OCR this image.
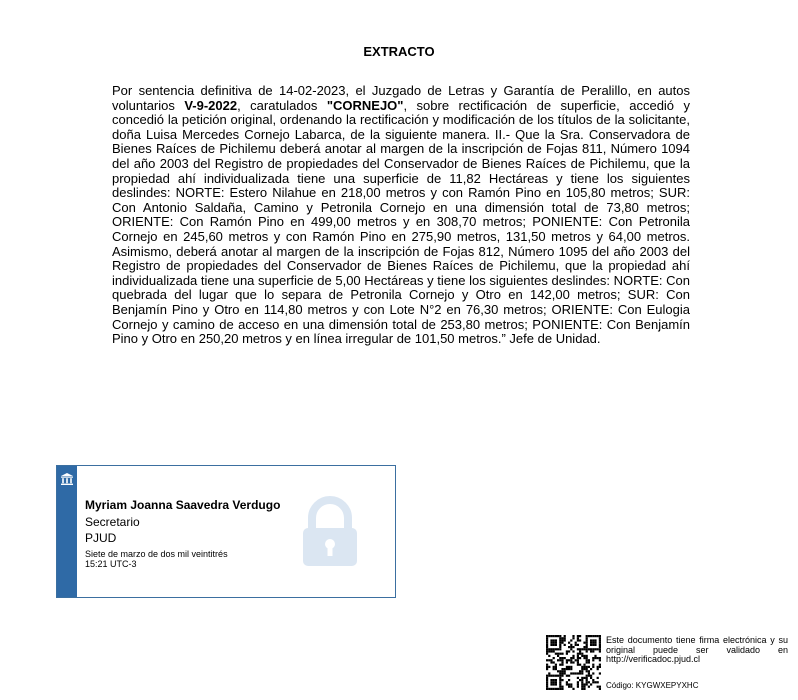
EXTRACTO
Por sentencia definitiva de 14-02-2023, el Juzgado de Letras y Garantía de Peralillo, en autos voluntarios V-9-2022, caratulados "CORNEJO", sobre rectificación de superficie, accedió y concedió la petición original, ordenando la rectificación y modificación de los títulos de la solicitante, doña Luisa Mercedes Cornejo Labarca, de la siguiente manera. II.- Que la Sra. Conservadora de Bienes Raíces de Pichilemu deberá anotar al margen de la inscripción de Fojas 811, Número 1094 del año 2003 del Registro de propiedades del Conservador de Bienes Raíces de Pichilemu, que la propiedad ahí individualizada tiene una superficie de 11,82 Hectáreas y tiene los siguientes deslindes: NORTE: Estero Nilahue en 218,00 metros y con Ramón Pino en 105,80 metros; SUR: Con Antonio Saldaña, Camino y Petronila Cornejo en una dimensión total de 73,80 metros; ORIENTE: Con Ramón Pino en 499,00 metros y en 308,70 metros; PONIENTE: Con Petronila Cornejo en 245,60 metros y con Ramón Pino en 275,90 metros, 131,50 metros y 64,00 metros. Asimismo, deberá anotar al margen de la inscripción de Fojas 812, Número 1095 del año 2003 del Registro de propiedades del Conservador de Bienes Raíces de Pichilemu, que la propiedad ahí individualizada tiene una superficie de 5,00 Hectáreas y tiene los siguientes deslindes: NORTE: Con quebrada del lugar que lo separa de Petronila Cornejo y Otro en 142,00 metros; SUR: Con Benjamín Pino y Otro en 114,80 metros y con Lote N°2 en 76,30 metros; ORIENTE: Con Eulogia Cornejo y camino de acceso en una dimensión total de 253,80 metros; PONIENTE: Con Benjamín Pino y Otro en 250,20 metros y en línea irregular de 101,50 metros.” Jefe de Unidad.
Myriam Joanna Saavedra Verdugo
Secretario
PJUD
Siete de marzo de dos mil veintitrés
15:21 UTC-3
Este documento tiene firma electrónica y su original puede ser validado en http://verificadoc.pjud.cl
Código: KYGWXEPYXHC
